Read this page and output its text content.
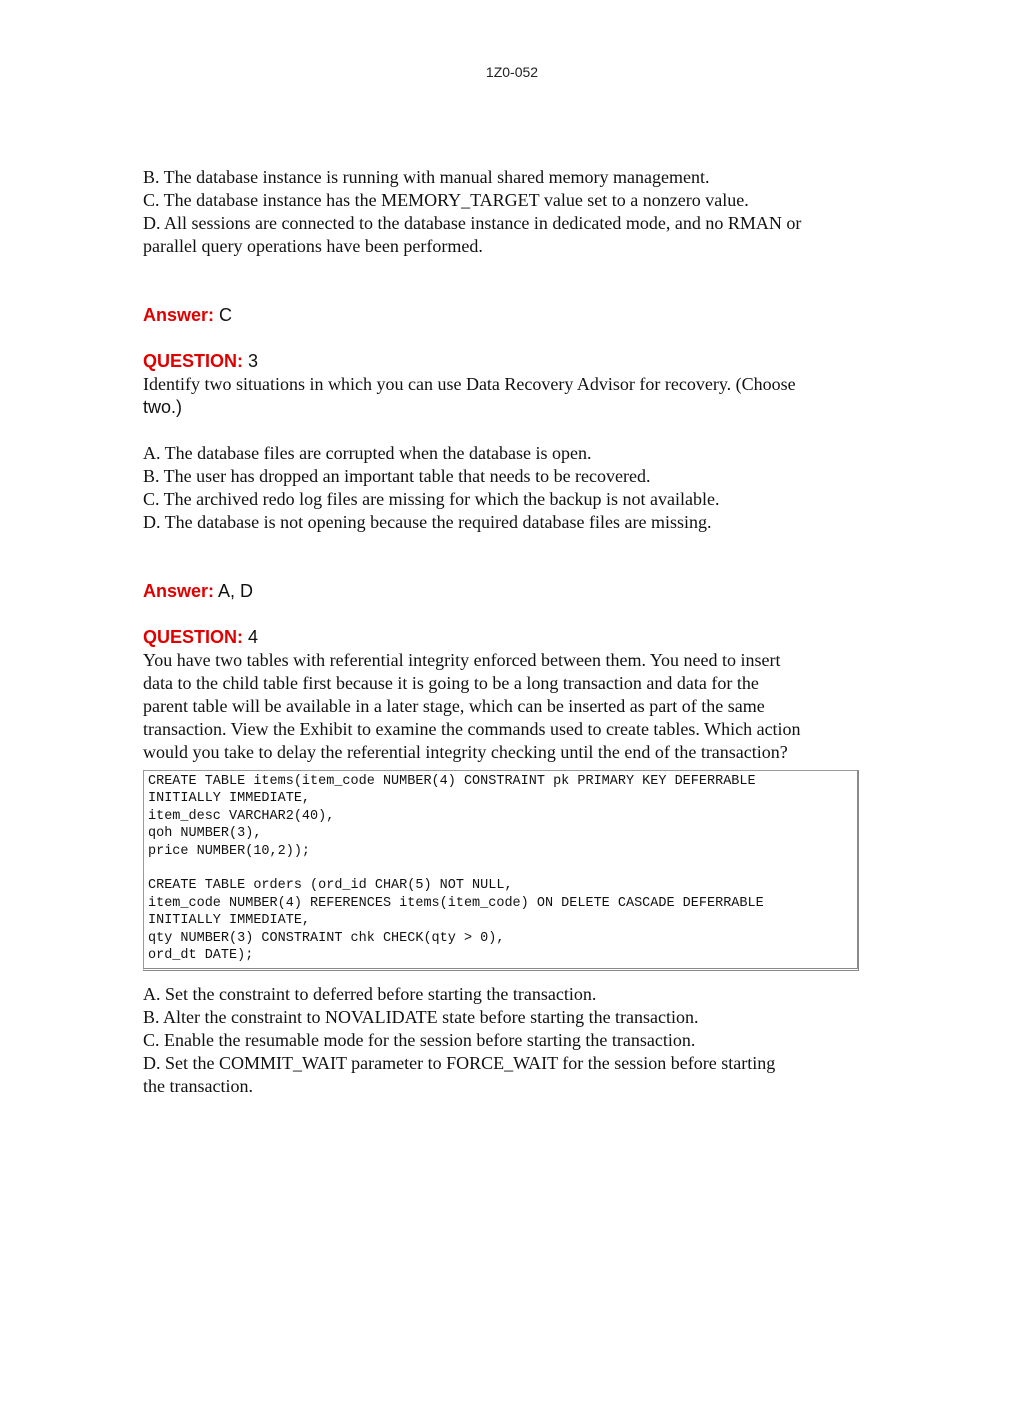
1Z0-052
B. The database instance is running with manual shared memory management.
C. The database instance has the MEMORY_TARGET value set to a nonzero value.
D. All sessions are connected to the database instance in dedicated mode, and no RMAN or
parallel query operations have been performed.
Answer: C
QUESTION: 3
Identify two situations in which you can use Data Recovery Advisor for recovery. (Choose
two.)
A. The database files are corrupted when the database is open.
B. The user has dropped an important table that needs to be recovered.
C. The archived redo log files are missing for which the backup is not available.
D. The database is not opening because the required database files are missing.
Answer: A, D
QUESTION: 4
You have two tables with referential integrity enforced between them. You need to insert
data to the child table first because it is going to be a long transaction and data for the
parent table will be available in a later stage, which can be inserted as part of the same
transaction. View the Exhibit to examine the commands used to create tables. Which action
would you take to delay the referential integrity checking until the end of the transaction?
CREATE TABLE items(item_code NUMBER(4) CONSTRAINT pk PRIMARY KEY DEFERRABLE
INITIALLY IMMEDIATE,
item_desc VARCHAR2(40),
qoh NUMBER(3),
price NUMBER(10,2));
CREATE TABLE orders (ord_id CHAR(5) NOT NULL,
item_code NUMBER(4) REFERENCES items(item_code) ON DELETE CASCADE DEFERRABLE
INITIALLY IMMEDIATE,
qty NUMBER(3) CONSTRAINT chk CHECK(qty > 0),
ord_dt DATE);
A. Set the constraint to deferred before starting the transaction.
B. Alter the constraint to NOVALIDATE state before starting the transaction.
C. Enable the resumable mode for the session before starting the transaction.
D. Set the COMMIT_WAIT parameter to FORCE_WAIT for the session before starting
the transaction.
